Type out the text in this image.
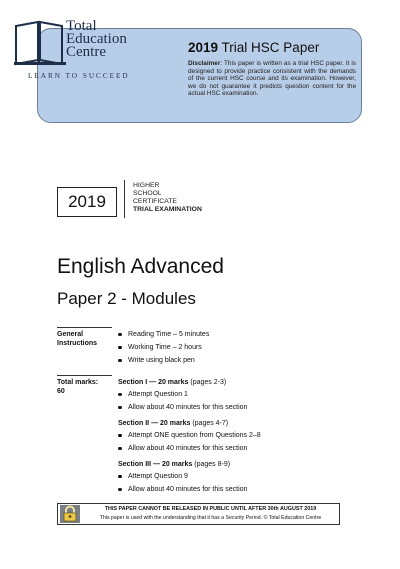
Total
Education
Centre
LEARN TO SUCCEED
2019 Trial HSC Paper
Disclaimer: This paper is written as a trial HSC paper. It is designed to provide practice consistent with the demands of the current HSC course and its examination. However, we do not guarantee it predicts question content for the actual HSC examination.
2019
HIGHER
SCHOOL
CERTIFICATE
TRIAL EXAMINATION
English Advanced
Paper 2 - Modules
General
Instructions
Reading Time – 5 minutes
Working Time – 2 hours
Write using black pen
Total marks:
60
Section I — 20 marks (pages 2-3)
Attempt Question 1
Allow about 40 minutes for this section
Section II — 20 marks (pages 4-7)
Attempt ONE question from Questions 2–8
Allow about 40 minutes for this section
Section III — 20 marks (pages 8-9)
Attempt Question 9
Allow about 40 minutes for this section
THIS PAPER CANNOT BE RELEASED IN PUBLIC UNTIL AFTER 30th AUGUST 2019
This paper is used with the understanding that it has a Security Period. © Total Education Centre
